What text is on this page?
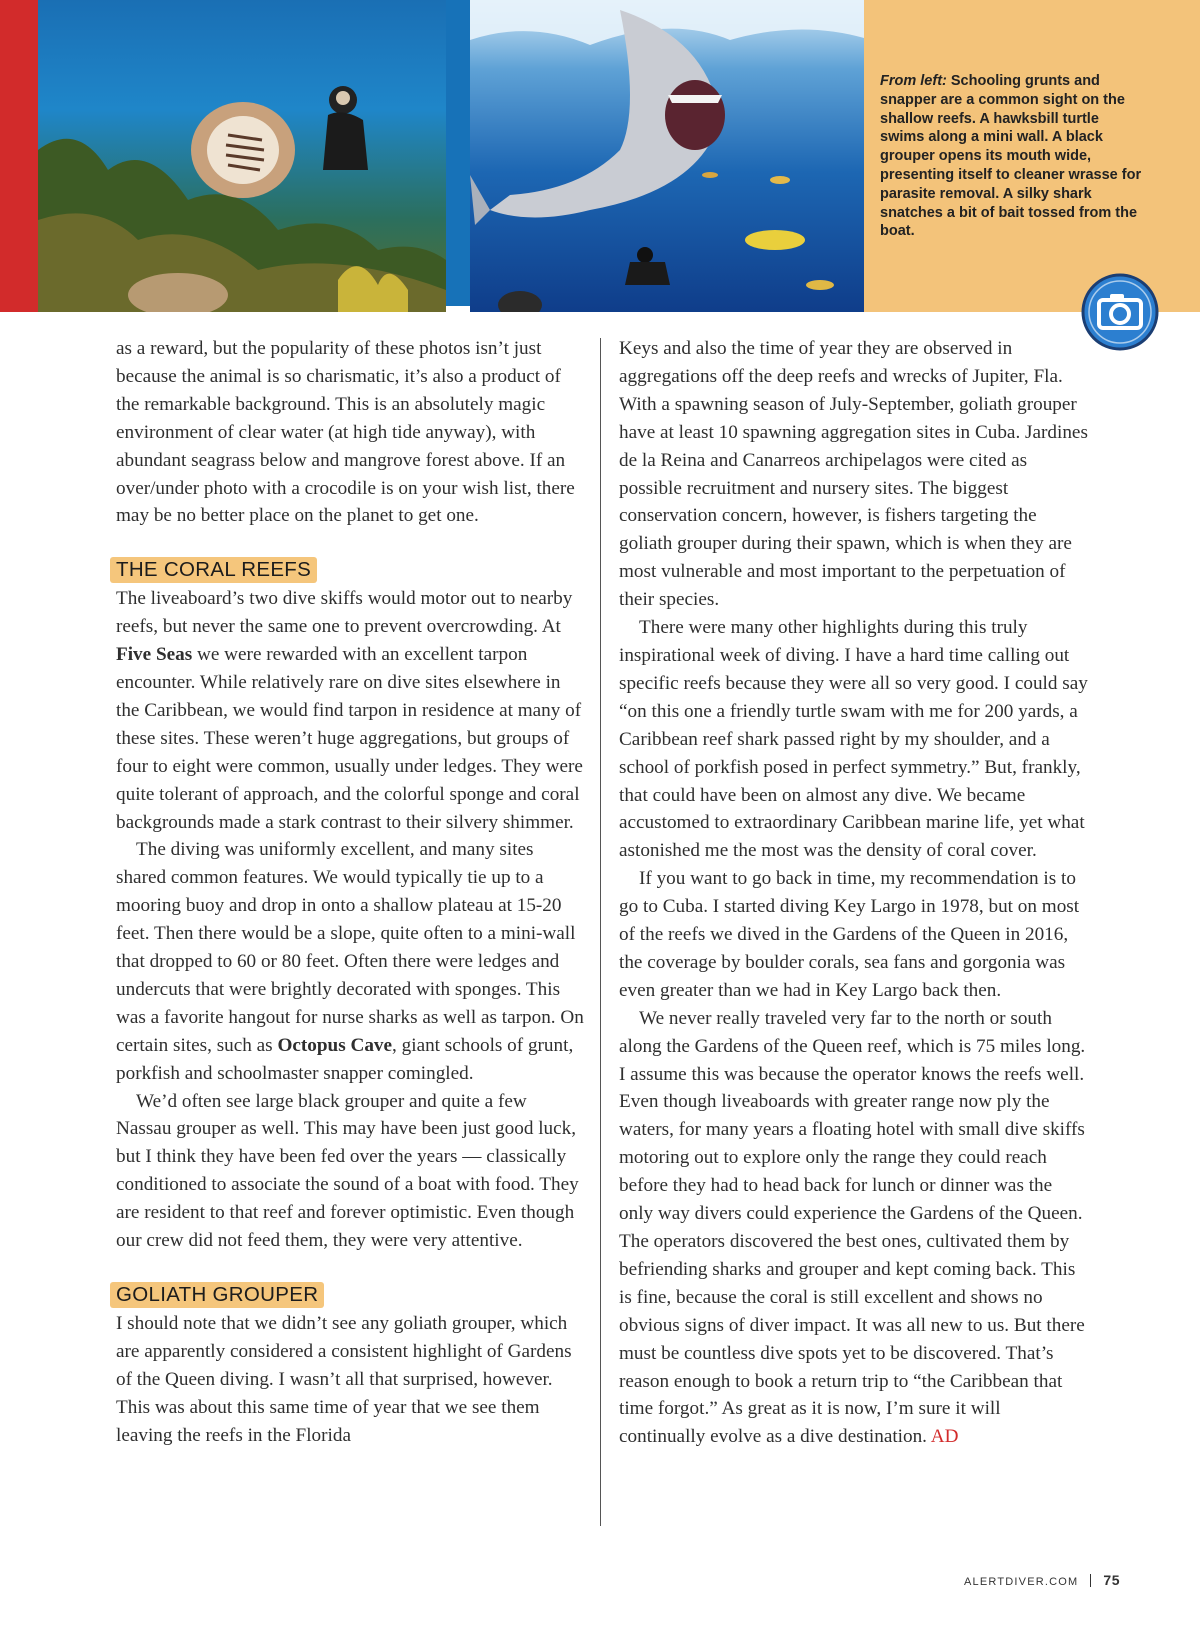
From left: Schooling grunts and snapper are a common sight on the shallow reefs. A hawksbill turtle swims along a mini wall. A black grouper opens its mouth wide, presenting itself to cleaner wrasse for parasite removal. A silky shark snatches a bit of bait tossed from the boat.

as a reward, but the popularity of these photos isn’t just because the animal is so charismatic, it’s also a product of the remarkable background. This is an absolutely magic environment of clear water (at high tide anyway), with abundant seagrass below and mangrove forest above. If an over/under photo with a crocodile is on your wish list, there may be no better place on the planet to get one.

THE CORAL REEFS

The liveaboard’s two dive skiffs would motor out to nearby reefs, but never the same one to prevent overcrowding. At Five Seas we were rewarded with an excellent tarpon encounter. While relatively rare on dive sites elsewhere in the Caribbean, we would find tarpon in residence at many of these sites. These weren’t huge aggregations, but groups of four to eight were common, usually under ledges. They were quite tolerant of approach, and the colorful sponge and coral backgrounds made a stark contrast to their silvery shimmer.

The diving was uniformly excellent, and many sites shared common features. We would typically tie up to a mooring buoy and drop in onto a shallow plateau at 15-20 feet. Then there would be a slope, quite often to a mini-wall that dropped to 60 or 80 feet. Often there were ledges and undercuts that were brightly decorated with sponges. This was a favorite hangout for nurse sharks as well as tarpon. On certain sites, such as Octopus Cave, giant schools of grunt, porkfish and schoolmaster snapper comingled.

We’d often see large black grouper and quite a few Nassau grouper as well. This may have been just good luck, but I think they have been fed over the years — classically conditioned to associate the sound of a boat with food. They are resident to that reef and forever optimistic. Even though our crew did not feed them, they were very attentive.

GOLIATH GROUPER

I should note that we didn’t see any goliath grouper, which are apparently considered a consistent highlight of Gardens of the Queen diving. I wasn’t all that surprised, however. This was about this same time of year that we see them leaving the reefs in the Florida

Keys and also the time of year they are observed in aggregations off the deep reefs and wrecks of Jupiter, Fla. With a spawning season of July-September, goliath grouper have at least 10 spawning aggregation sites in Cuba. Jardines de la Reina and Canarreos archipelagos were cited as possible recruitment and nursery sites. The biggest conservation concern, however, is fishers targeting the goliath grouper during their spawn, which is when they are most vulnerable and most important to the perpetuation of their species.

There were many other highlights during this truly inspirational week of diving. I have a hard time calling out specific reefs because they were all so very good. I could say “on this one a friendly turtle swam with me for 200 yards, a Caribbean reef shark passed right by my shoulder, and a school of porkfish posed in perfect symmetry.” But, frankly, that could have been on almost any dive. We became accustomed to extraordinary Caribbean marine life, yet what astonished me the most was the density of coral cover.

If you want to go back in time, my recommendation is to go to Cuba. I started diving Key Largo in 1978, but on most of the reefs we dived in the Gardens of the Queen in 2016, the coverage by boulder corals, sea fans and gorgonia was even greater than we had in Key Largo back then.

We never really traveled very far to the north or south along the Gardens of the Queen reef, which is 75 miles long. I assume this was because the operator knows the reefs well. Even though liveaboards with greater range now ply the waters, for many years a floating hotel with small dive skiffs motoring out to explore only the range they could reach before they had to head back for lunch or dinner was the only way divers could experience the Gardens of the Queen. The operators discovered the best ones, cultivated them by befriending sharks and grouper and kept coming back. This is fine, because the coral is still excellent and shows no obvious signs of diver impact. It was all new to us. But there must be countless dive spots yet to be discovered. That’s reason enough to book a return trip to “the Caribbean that time forgot.” As great as it is now, I’m sure it will continually evolve as a dive destination. AD

ALERTDIVER.COM 75
